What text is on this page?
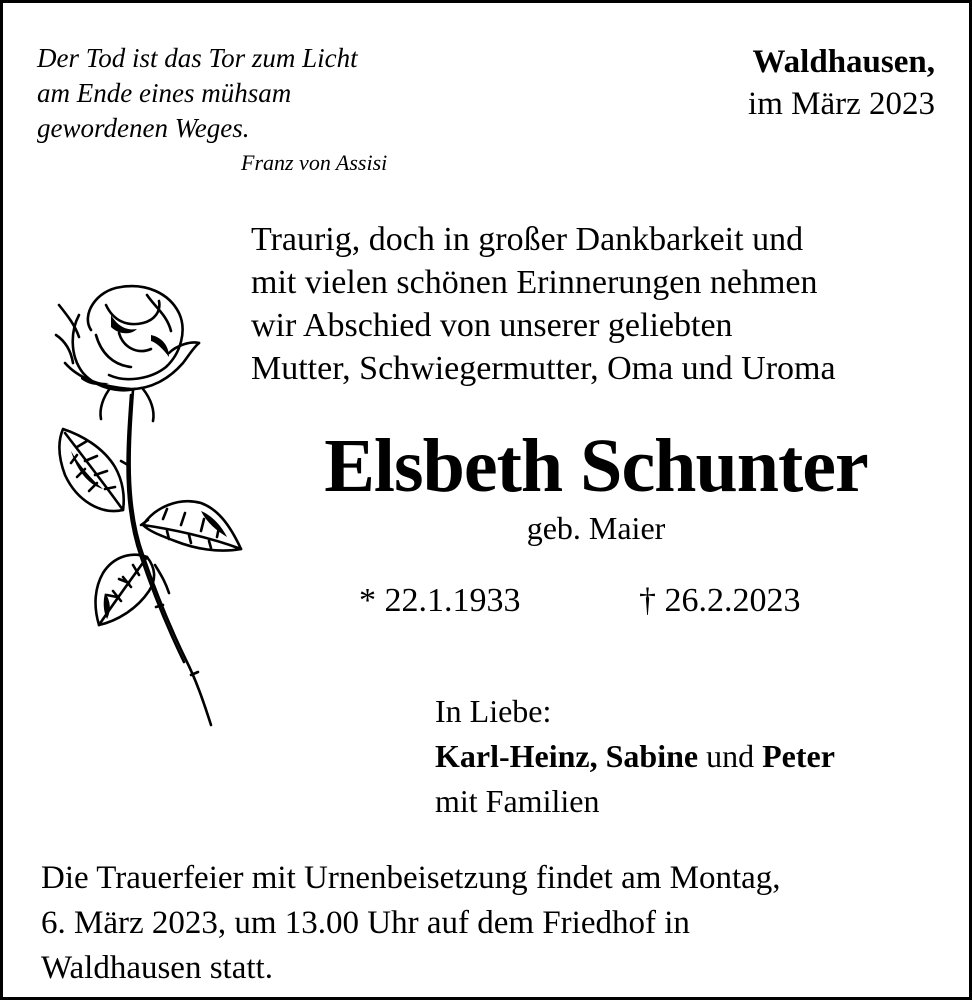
Der Tod ist das Tor zum Licht
am Ende eines mühsam
gewordenen Weges.
Franz von Assisi
Waldhausen,
im März 2023
Traurig, doch in großer Dankbarkeit und
mit vielen schönen Erinnerungen nehmen
wir Abschied von unserer geliebten
Mutter, Schwiegermutter, Oma und Uroma
Elsbeth Schunter
geb. Maier
* 22.1.1933	† 26.2.2023
In Liebe:
Karl-Heinz, Sabine und Peter
mit Familien
Die Trauerfeier mit Urnenbeisetzung findet am Montag,
6. März 2023, um 13.00 Uhr auf dem Friedhof in
Waldhausen statt.
